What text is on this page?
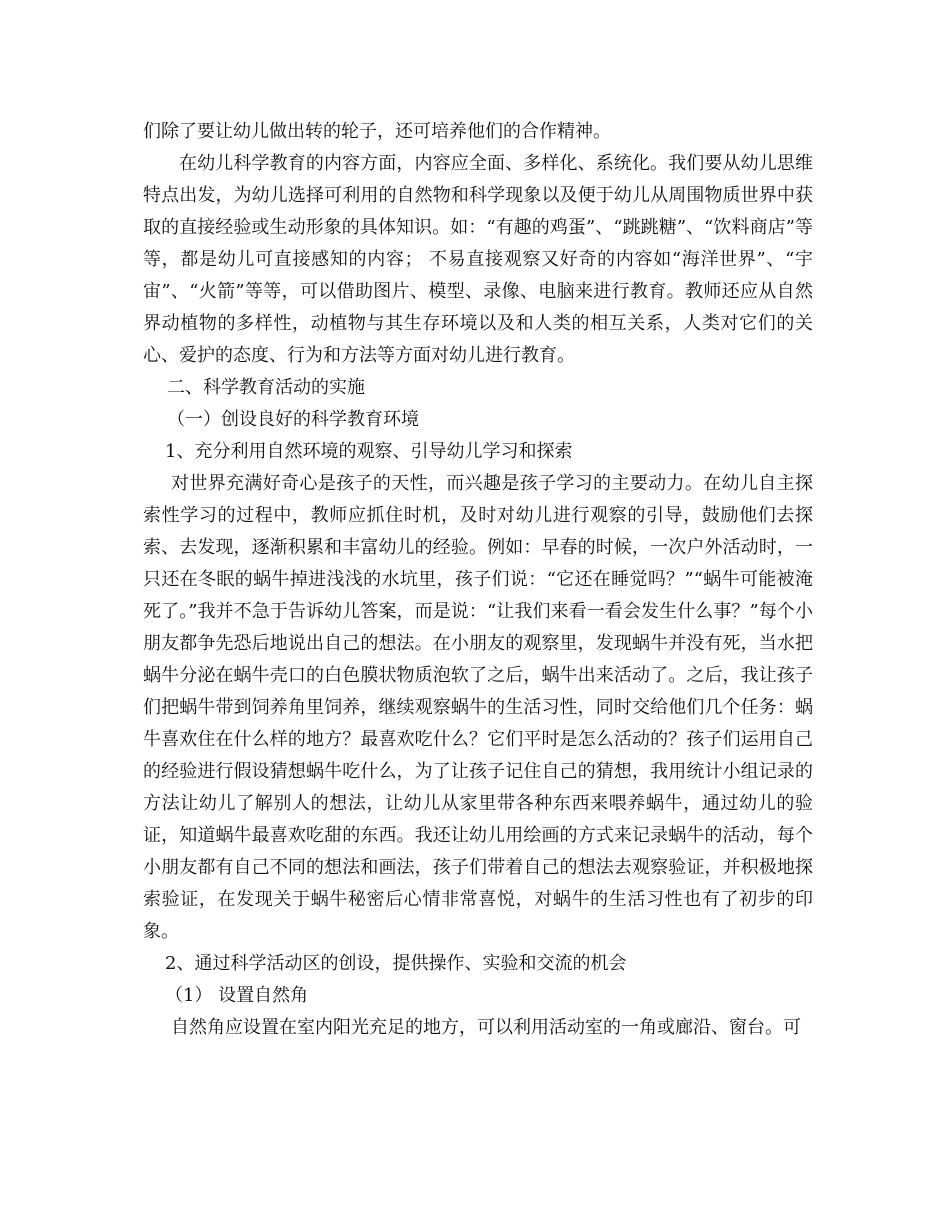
们除了要让幼儿做出转的轮子，还可培养他们的合作精神。

在幼儿科学教育的内容方面，内容应全面、多样化、系统化。我们要从幼儿思维特点出发，为幼儿选择可利用的自然物和科学现象以及便于幼儿从周围物质世界中获取的直接经验或生动形象的具体知识。如：“有趣的鸡蛋”、“跳跳糖”、“饮料商店”等等，都是幼儿可直接感知的内容； 不易直接观察又好奇的内容如“海洋世界”、“宇宙”、“火箭”等等，可以借助图片、模型、录像、电脑来进行教育。教师还应从自然界动植物的多样性，动植物与其生存环境以及和人类的相互关系，人类对它们的关心、爱护的态度、行为和方法等方面对幼儿进行教育。

二、科学教育活动的实施

（一）创设良好的科学教育环境

1、充分利用自然环境的观察、引导幼儿学习和探索

对世界充满好奇心是孩子的天性，而兴趣是孩子学习的主要动力。在幼儿自主探索性学习的过程中，教师应抓住时机，及时对幼儿进行观察的引导，鼓励他们去探索、去发现，逐渐积累和丰富幼儿的经验。例如：早春的时候，一次户外活动时，一只还在冬眠的蜗牛掉进浅浅的水坑里，孩子们说：“它还在睡觉吗？”“蜗牛可能被淹死了。”我并不急于告诉幼儿答案，而是说：“让我们来看一看会发生什么事？”每个小朋友都争先恐后地说出自己的想法。在小朋友的观察里，发现蜗牛并没有死，当水把蜗牛分泌在蜗牛壳口的白色膜状物质泡软了之后，蜗牛出来活动了。之后，我让孩子们把蜗牛带到饲养角里饲养，继续观察蜗牛的生活习性，同时交给他们几个任务：蜗牛喜欢住在什么样的地方？最喜欢吃什么？它们平时是怎么活动的？孩子们运用自己的经验进行假设猜想蜗牛吃什么，为了让孩子记住自己的猜想，我用统计小组记录的方法让幼儿了解别人的想法，让幼儿从家里带各种东西来喂养蜗牛，通过幼儿的验证，知道蜗牛最喜欢吃甜的东西。我还让幼儿用绘画的方式来记录蜗牛的活动，每个小朋友都有自己不同的想法和画法，孩子们带着自己的想法去观察验证，并积极地探索验证，在发现关于蜗牛秘密后心情非常喜悦，对蜗牛的生活习性也有了初步的印象。

2、通过科学活动区的创设，提供操作、实验和交流的机会

（1） 设置自然角

自然角应设置在室内阳光充足的地方，可以利用活动室的一角或廊沿、窗台。可
